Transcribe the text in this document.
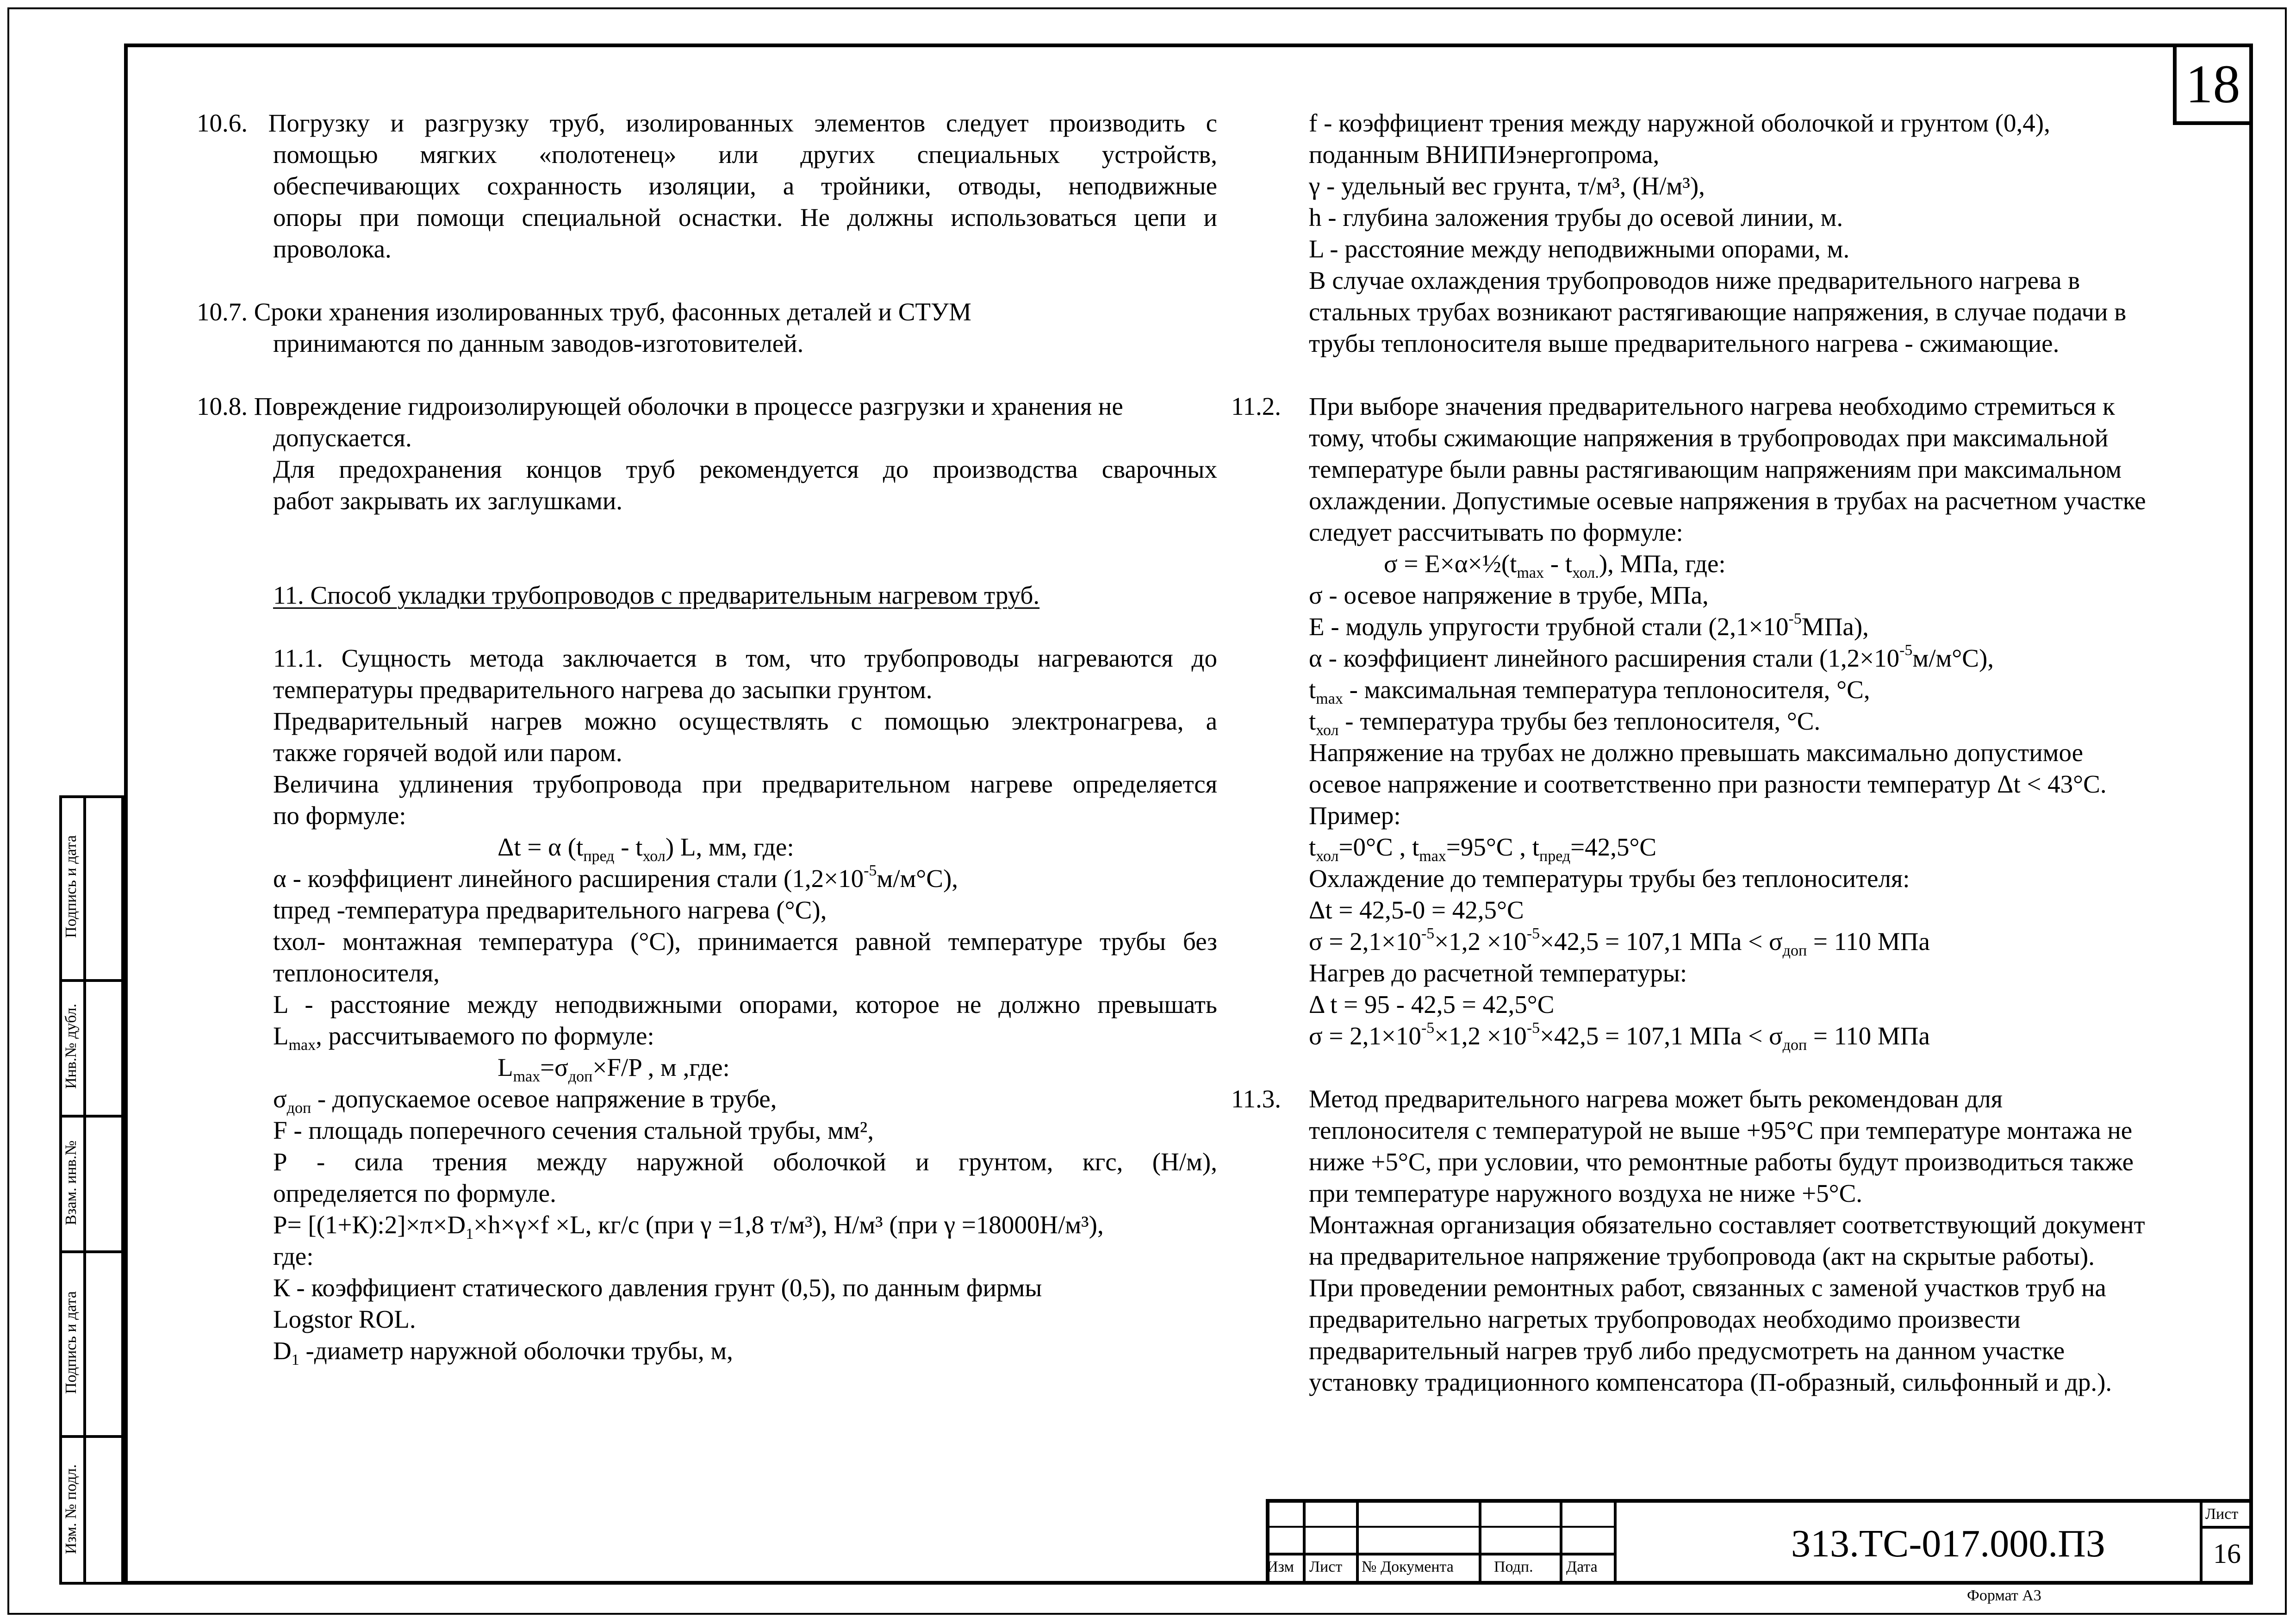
18
10.6. Погрузку и разгрузку труб, изолированных элементов следует производить с
помощью мягких «полотенец» или других специальных устройств,
обеспечивающих сохранность изоляции, а тройники, отводы, неподвижные
опоры при помощи специальной оснастки. Не должны использоваться цепи и
проволока.
10.7. Сроки хранения изолированных труб, фасонных деталей и СТУМ
принимаются по данным заводов-изготовителей.
10.8. Повреждение гидроизолирующей оболочки в процессе разгрузки и хранения не
допускается.
Для предохранения концов труб рекомендуется до производства сварочных
работ закрывать их заглушками.
11. Способ укладки трубопроводов с предварительным нагревом труб.
11.1. Сущность метода заключается в том, что трубопроводы нагреваются до
температуры предварительного нагрева до засыпки грунтом.
Предварительный нагрев можно осуществлять с помощью электронагрева, а
также горячей водой или паром.
Величина удлинения трубопровода при предварительном нагреве определяется
по формуле:
Δt = α $(t_{пред} - t_{хол})$ L, мм, где:
α - коэффициент линейного расширения стали $(1,2\times 10^{-5}м/м^\circ С)$,
tпред -температура предварительного нагрева (°С),
tхол- монтажная температура (°С), принимается равной температуре трубы без
теплоносителя,
L - расстояние между неподвижными опорами, которое не должно превышать
$L_{max}$, рассчитываемого по формуле:
$L_{max}=\sigma_{доп}\times F/P$ , м ,где:
$\sigma_{доп}$ - допускаемое осевое напряжение в трубе,
F - площадь поперечного сечения стальной трубы, мм²,
Р - сила трения между наружной оболочкой и грунтом, кгс, (Н/м),
определяется по формуле.
$P= [(1+К):2]\times\pi\times D_1\times h\times\gamma\times f \times L$, кг/с (при γ =1,8 т/м³), Н/м³ (при γ =18000Н/м³),
где:
К - коэффициент статического давления грунт (0,5), по данным фирмы
Logstor ROL.
$D_1$ -диаметр наружной оболочки трубы, м,
f - коэффициент трения между наружной оболочкой и грунтом (0,4),
поданным ВНИПИэнергопрома,
γ - удельный вес грунта, т/м³, (Н/м³),
h - глубина заложения трубы до осевой линии, м.
L - расстояние между неподвижными опорами, м.
В случае охлаждения трубопроводов ниже предварительного нагрева в
стальных трубах возникают растягивающие напряжения, в случае подачи в
трубы теплоносителя выше предварительного нагрева - сжимающие.
11.2. При выборе значения предварительного нагрева необходимо стремиться к
тому, чтобы сжимающие напряжения в трубопроводах при максимальной
температуре были равны растягивающим напряжениям при максимальном
охлаждении. Допустимые осевые напряжения в трубах на расчетном участке
следует рассчитывать по формуле:
$\sigma = E\times\alpha\times\frac{1}{2}(t_{max} - t_{хол.})$, МПа, где:
σ - осевое напряжение в трубе, МПа,
Е - модуль упругости трубной стали $(2,1\times 10^{-5}МПа)$,
α - коэффициент линейного расширения стали $(1,2\times 10^{-5}м/м^\circ С)$,
$t_{max}$ - максимальная температура теплоносителя, °С,
$t_{хол}$ - температура трубы без теплоносителя, °С.
Напряжение на трубах не должно превышать максимально допустимое
осевое напряжение и соответственно при разности температур Δt < 43°С.
Пример:
$t_{хол}=0^\circ С$ , $t_{max}=95^\circ С$ , $t_{пред}=42,5^\circ С$
Охлаждение до температуры трубы без теплоносителя:
Δt = 42,5-0 = 42,5°С
$\sigma = 2,1\times 10^{-5}\times 1,2 \times 10^{-5}\times 42,5 = 107,1$ МПа < $\sigma_{доп} = 110$ МПа
Нагрев до расчетной температуры:
Δ t = 95 - 42,5 = 42,5°С
$\sigma = 2,1\times 10^{-5}\times 1,2 \times 10^{-5}\times 42,5 = 107,1$ МПа < $\sigma_{доп} = 110$ МПа
11.3. Метод предварительного нагрева может быть рекомендован для
теплоносителя с температурой не выше +95°С при температуре монтажа не
ниже +5°С, при условии, что ремонтные работы будут производиться также
при температуре наружного воздуха не ниже +5°С.
Монтажная организация обязательно составляет соответствующий документ
на предварительное напряжение трубопровода (акт на скрытые работы).
При проведении ремонтных работ, связанных с заменой участков труб на
предварительно нагретых трубопроводах необходимо произвести
предварительный нагрев труб либо предусмотреть на данном участке
установку традиционного компенсатора (П-образный, сильфонный и др.).
Подпись и дата
Инв.№ дубл.
Взам. инв.№
Подпись и дата
Изм. № подл.
Изм Лист № Документа	Подп. Дата
313.ТС-017.000.ПЗ
Лист
16
Формат А3
